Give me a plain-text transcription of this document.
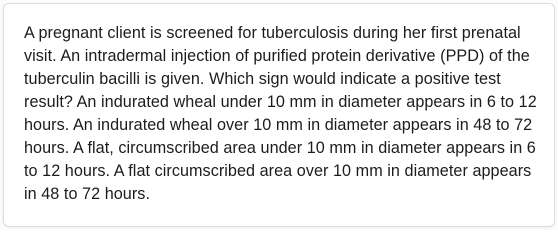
A pregnant client is screened for tuberculosis during her first prenatal visit. An intradermal injection of purified protein derivative (PPD) of the tuberculin bacilli is given. Which sign would indicate a positive test result? An indurated wheal under 10 mm in diameter appears in 6 to 12 hours. An indurated wheal over 10 mm in diameter appears in 48 to 72 hours. A flat, circumscribed area under 10 mm in diameter appears in 6 to 12 hours. A flat circumscribed area over 10 mm in diameter appears in 48 to 72 hours.
